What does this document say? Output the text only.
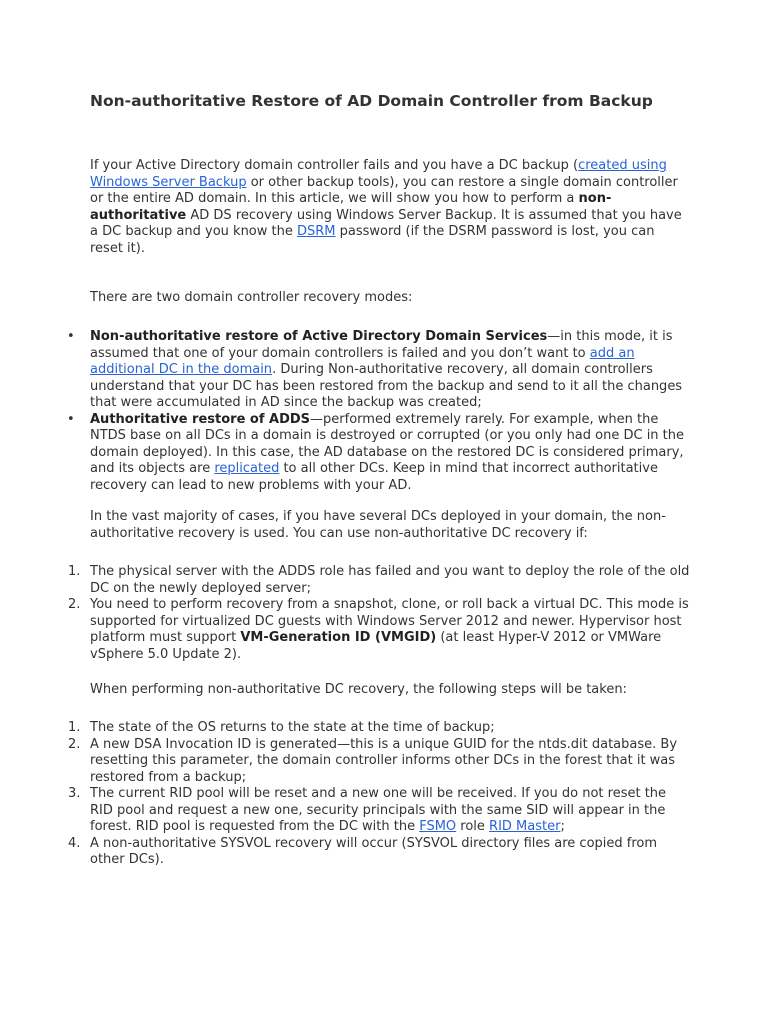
Non-authoritative Restore of AD Domain Controller from Backup

If your Active Directory domain controller fails and you have a DC backup (created using Windows Server Backup or other backup tools), you can restore a single domain controller or the entire AD domain. In this article, we will show you how to perform a non-authoritative AD DS recovery using Windows Server Backup. It is assumed that you have a DC backup and you know the DSRM password (if the DSRM password is lost, you can reset it).

There are two domain controller recovery modes:

• Non-authoritative restore of Active Directory Domain Services—in this mode, it is assumed that one of your domain controllers is failed and you don’t want to add an additional DC in the domain. During Non-authoritative recovery, all domain controllers understand that your DC has been restored from the backup and send to it all the changes that were accumulated in AD since the backup was created;
• Authoritative restore of ADDS—performed extremely rarely. For example, when the NTDS base on all DCs in a domain is destroyed or corrupted (or you only had one DC in the domain deployed). In this case, the AD database on the restored DC is considered primary, and its objects are replicated to all other DCs. Keep in mind that incorrect authoritative recovery can lead to new problems with your AD.

In the vast majority of cases, if you have several DCs deployed in your domain, the non-authoritative recovery is used. You can use non-authoritative DC recovery if:

1. The physical server with the ADDS role has failed and you want to deploy the role of the old DC on the newly deployed server;
2. You need to perform recovery from a snapshot, clone, or roll back a virtual DC. This mode is supported for virtualized DC guests with Windows Server 2012 and newer. Hypervisor host platform must support VM-Generation ID (VMGID) (at least Hyper-V 2012 or VMWare vSphere 5.0 Update 2).

When performing non-authoritative DC recovery, the following steps will be taken:

1. The state of the OS returns to the state at the time of backup;
2. A new DSA Invocation ID is generated—this is a unique GUID for the ntds.dit database. By resetting this parameter, the domain controller informs other DCs in the forest that it was restored from a backup;
3. The current RID pool will be reset and a new one will be received. If you do not reset the RID pool and request a new one, security principals with the same SID will appear in the forest. RID pool is requested from the DC with the FSMO role RID Master;
4. A non-authoritative SYSVOL recovery will occur (SYSVOL directory files are copied from other DCs).
